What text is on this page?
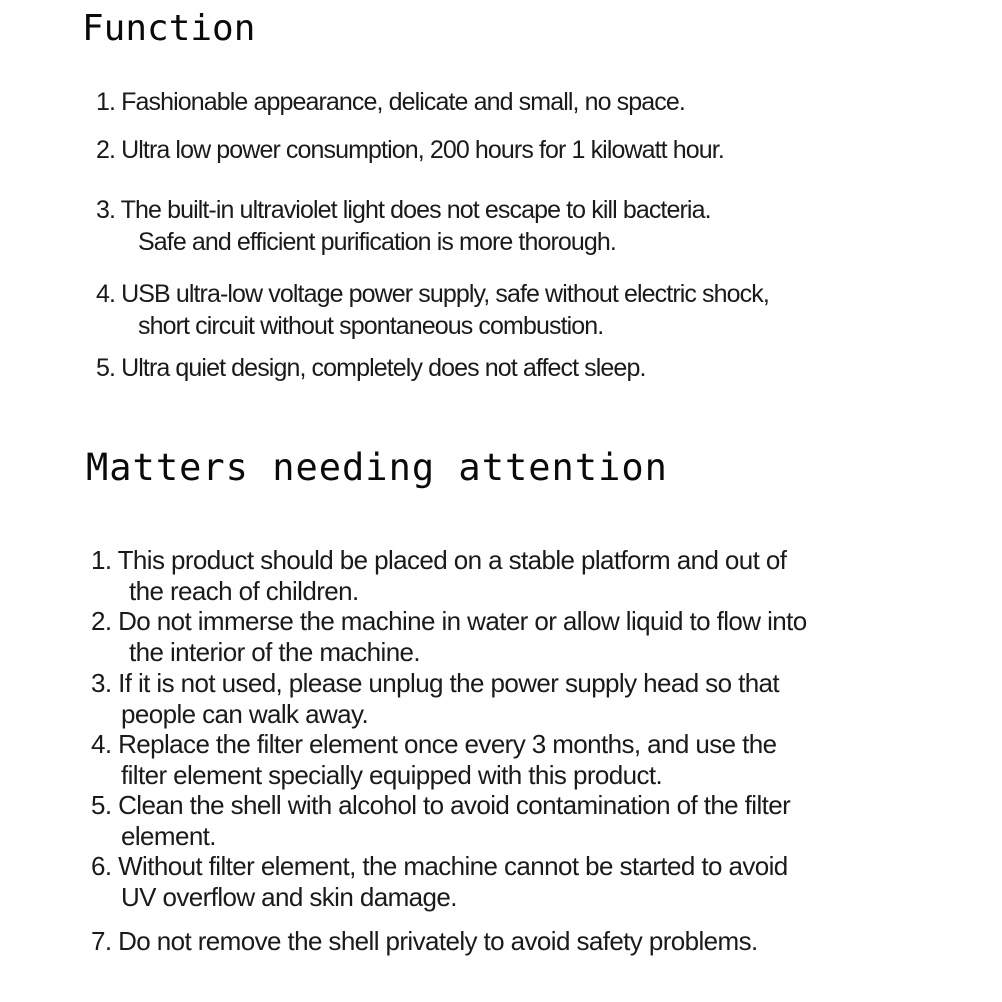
Function

1. Fashionable appearance, delicate and small, no space.

2. Ultra low power consumption, 200 hours for 1 kilowatt hour.

3. The built-in ultraviolet light does not escape to kill bacteria.
Safe and efficient purification is more thorough.

4. USB ultra-low voltage power supply, safe without electric shock,
short circuit without spontaneous combustion.

5. Ultra quiet design, completely does not affect sleep.

Matters needing attention

1. This product should be placed on a stable platform and out of
the reach of children.

2. Do not immerse the machine in water or allow liquid to flow into
the interior of the machine.

3. If it is not used, please unplug the power supply head so that
people can walk away.

4. Replace the filter element once every 3 months, and use the
filter element specially equipped with this product.

5. Clean the shell with alcohol to avoid contamination of the filter
element.

6. Without filter element, the machine cannot be started to avoid
UV overflow and skin damage.

7. Do not remove the shell privately to avoid safety problems.
